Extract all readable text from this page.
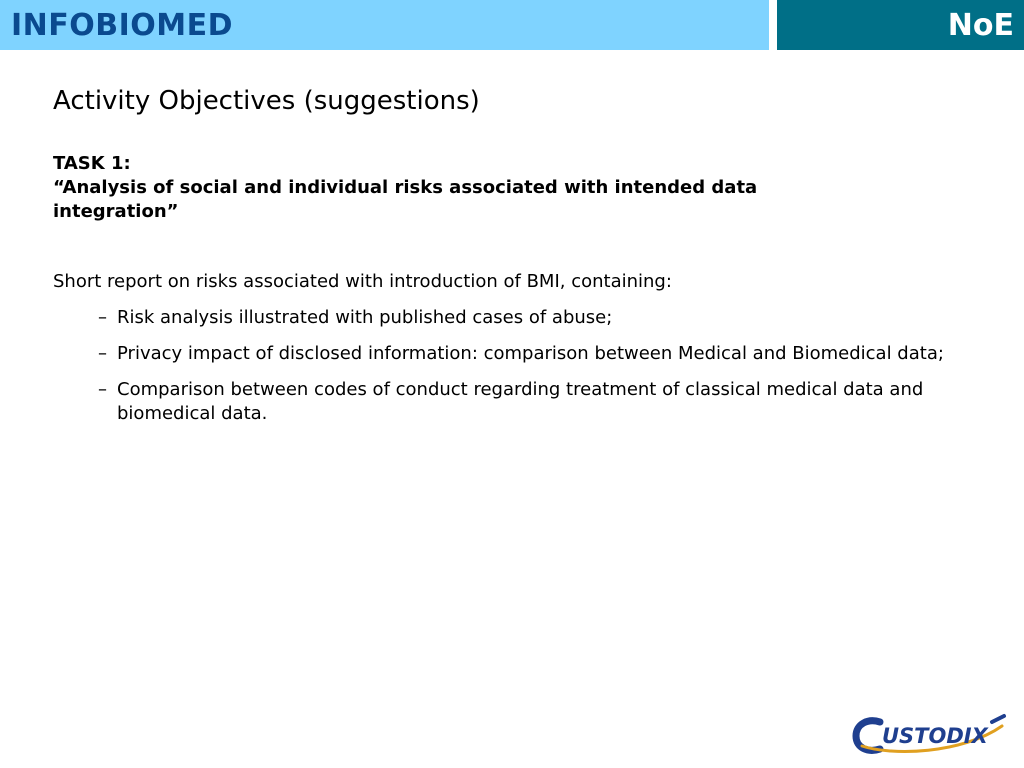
INFOBIOMED	NoE
Activity Objectives (suggestions)
TASK 1:
“Analysis of social and individual risks associated with intended data integration”
Short report on risks associated with introduction of BMI, containing:
– Risk analysis illustrated with published cases of abuse;
– Privacy impact of disclosed information: comparison between Medical and Biomedical data;
– Comparison between codes of conduct regarding treatment of classical medical data and biomedical data.
USTODIX
